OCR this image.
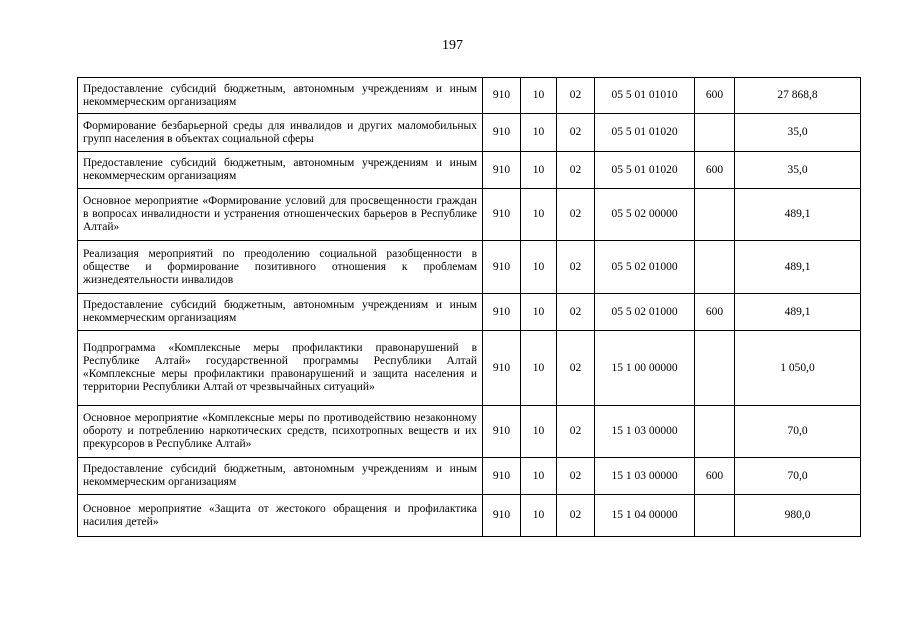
197
Предоставление субсидий бюджетным, автономным учреждениям и иным некоммерческим организациям	910	10	02	05 5 01 01010	600	27 868,8
Формирование безбарьерной среды для инвалидов и других маломобильных групп населения в объектах социальной сферы	910	10	02	05 5 01 01020		35,0
Предоставление субсидий бюджетным, автономным учреждениям и иным некоммерческим организациям	910	10	02	05 5 01 01020	600	35,0
Основное мероприятие «Формирование условий для просвещенности граждан в вопросах инвалидности и устранения отношенческих барьеров в Республике Алтай»	910	10	02	05 5 02 00000		489,1
Реализация мероприятий по преодолению социальной разобщенности в обществе и формирование позитивного отношения к проблемам жизнедеятельности инвалидов	910	10	02	05 5 02 01000		489,1
Предоставление субсидий бюджетным, автономным учреждениям и иным некоммерческим организациям	910	10	02	05 5 02 01000	600	489,1
Подпрограмма «Комплексные меры профилактики правонарушений в Республике Алтай» государственной программы Республики Алтай «Комплексные меры профилактики правонарушений и защита населения и территории Республики Алтай от чрезвычайных ситуаций»	910	10	02	15 1 00 00000		1 050,0
Основное мероприятие «Комплексные меры по противодействию незаконному обороту и потреблению наркотических средств, психотропных веществ и их прекурсоров в Республике Алтай»	910	10	02	15 1 03 00000		70,0
Предоставление субсидий бюджетным, автономным учреждениям и иным некоммерческим организациям	910	10	02	15 1 03 00000	600	70,0
Основное мероприятие «Защита от жестокого обращения и профилактика насилия детей»	910	10	02	15 1 04 00000		980,0
